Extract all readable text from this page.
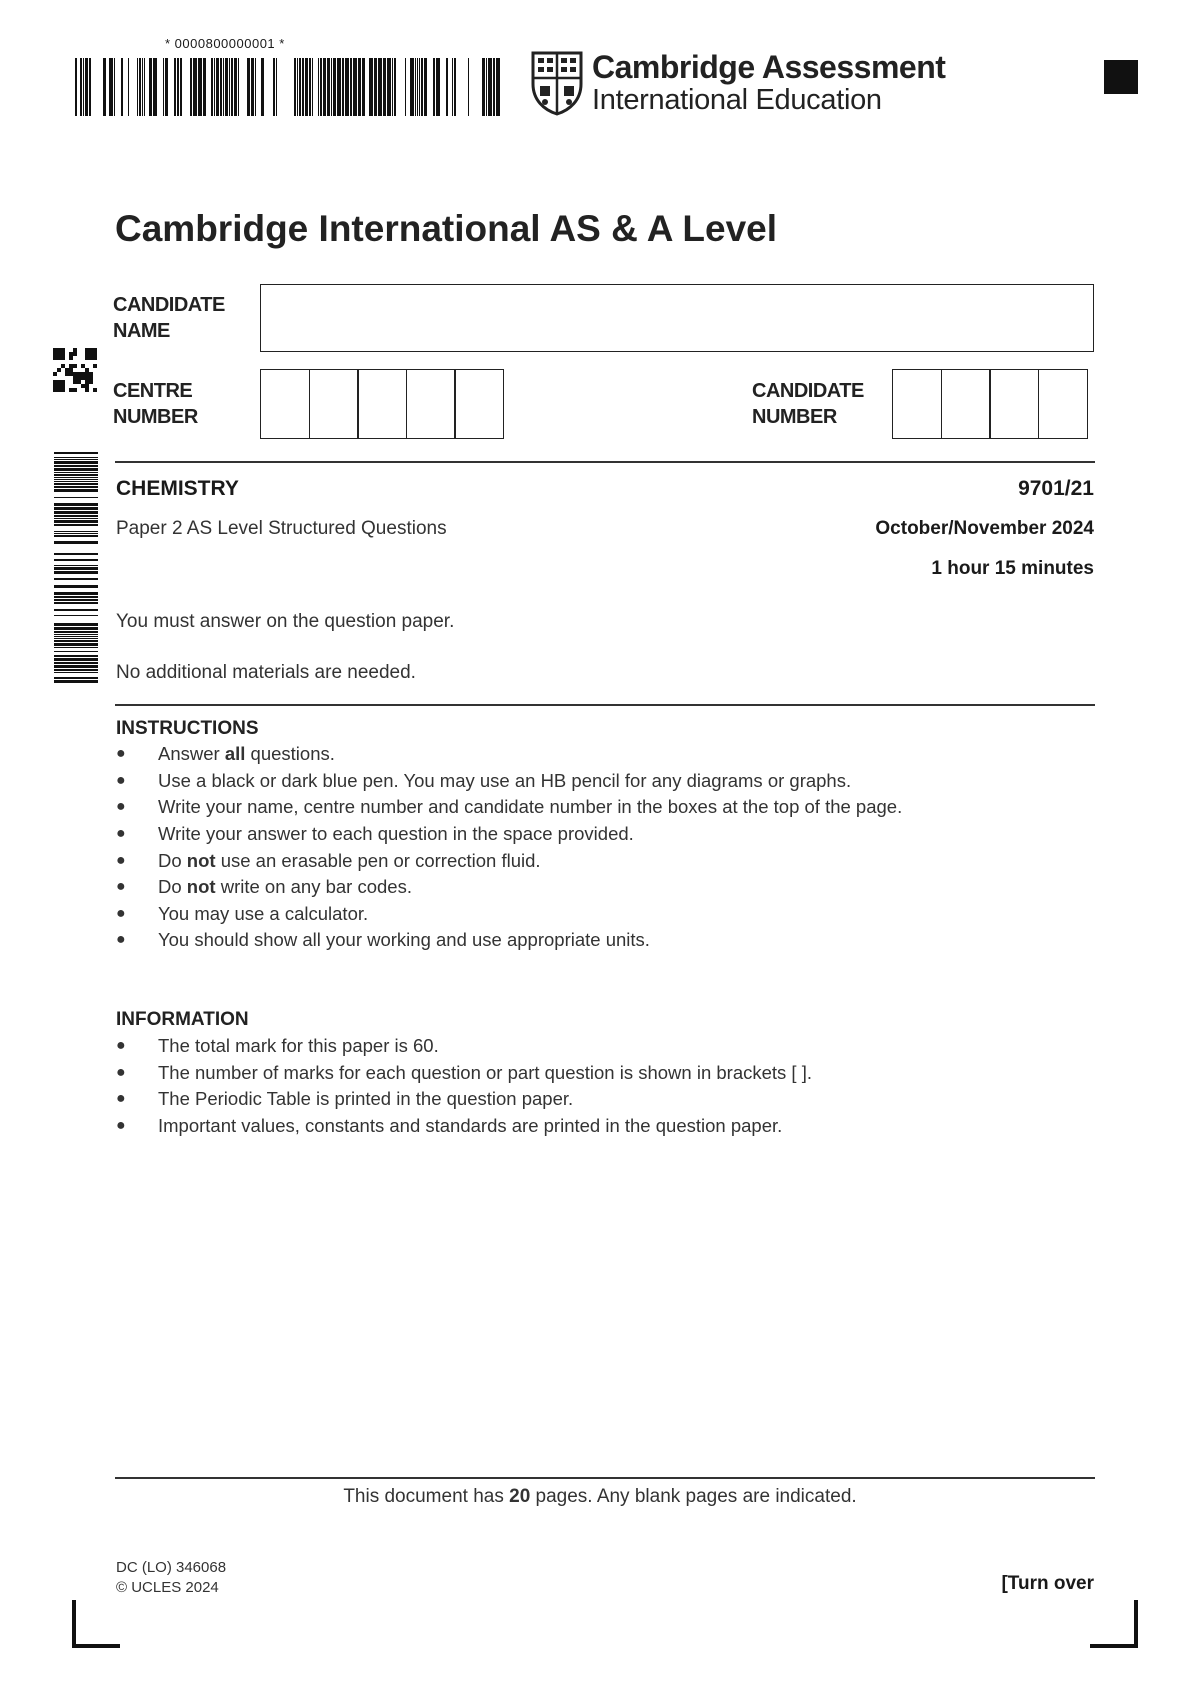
* 0000800000001 *
Cambridge Assessment
International Education
Cambridge International AS & A Level
CANDIDATE NAME
CENTRE NUMBER
CANDIDATE NUMBER
CHEMISTRY	9701/21
Paper 2 AS Level Structured Questions	October/November 2024
1 hour 15 minutes
You must answer on the question paper.
No additional materials are needed.
INSTRUCTIONS
●	Answer all questions.
●	Use a black or dark blue pen. You may use an HB pencil for any diagrams or graphs.
●	Write your name, centre number and candidate number in the boxes at the top of the page.
●	Write your answer to each question in the space provided.
●	Do not use an erasable pen or correction fluid.
●	Do not write on any bar codes.
●	You may use a calculator.
●	You should show all your working and use appropriate units.
INFORMATION
●	The total mark for this paper is 60.
●	The number of marks for each question or part question is shown in brackets [ ].
●	The Periodic Table is printed in the question paper.
●	Important values, constants and standards are printed in the question paper.
This document has 20 pages. Any blank pages are indicated.
DC (LO) 346068
© UCLES 2024	[Turn over
